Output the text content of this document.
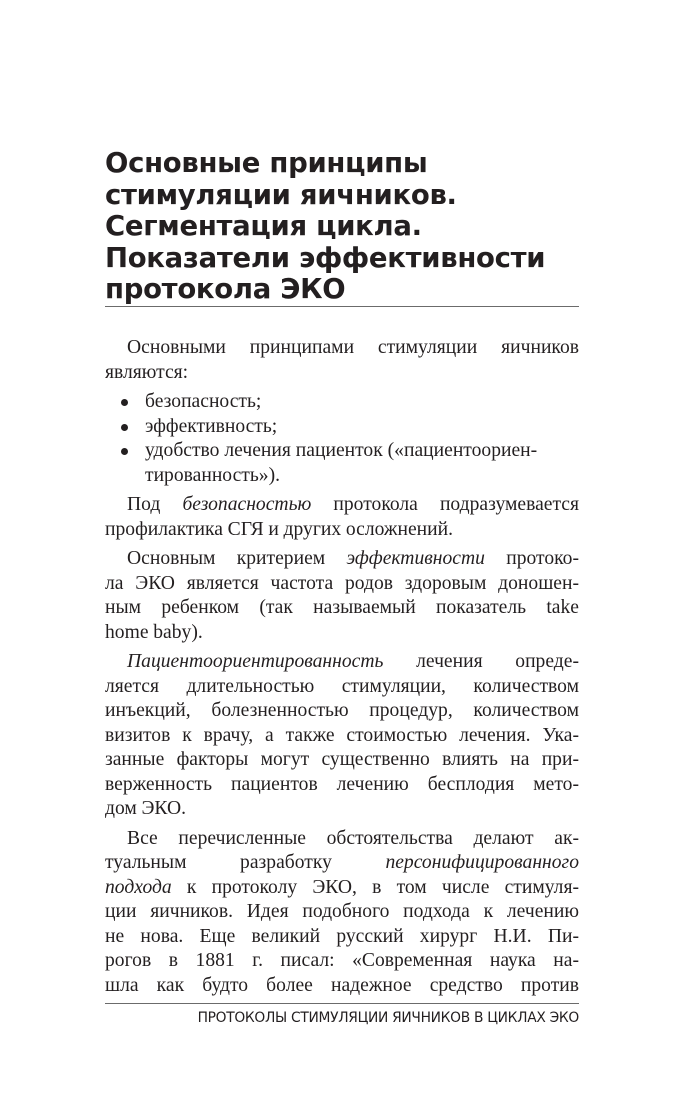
Основные принципы
стимуляции яичников.
Сегментация цикла.
Показатели эффективности
протокола ЭКО

Основными принципами стимуляции яичников
являются:

безопасность;
эффективность;
удобство лечения пациенток («пациентоориен-
тированность»).

Под безопасностью протокола подразумевается
профилактика СГЯ и других осложнений.

Основным критерием эффективности протоко-
ла ЭКО является частота родов здоровым доношен-
ным ребенком (так называемый показатель take
home baby).

Пациентоориентированность лечения опреде-
ляется длительностью стимуляции, количеством
инъекций, болезненностью процедур, количеством
визитов к врачу, а также стоимостью лечения. Ука-
занные факторы могут существенно влиять на при-
верженность пациентов лечению бесплодия мето-
дом ЭКО.

Все перечисленные обстоятельства делают ак-
туальным разработку персонифицированного
подхода к протоколу ЭКО, в том числе стимуля-
ции яичников. Идея подобного подхода к лечению
не нова. Еще великий русский хирург Н.И. Пи-
рогов в 1881 г. писал: «Современная наука на-
шла как будто более надежное средство против

ПРОТОКОЛЫ СТИМУЛЯЦИИ ЯИЧНИКОВ В ЦИКЛАХ ЭКО
